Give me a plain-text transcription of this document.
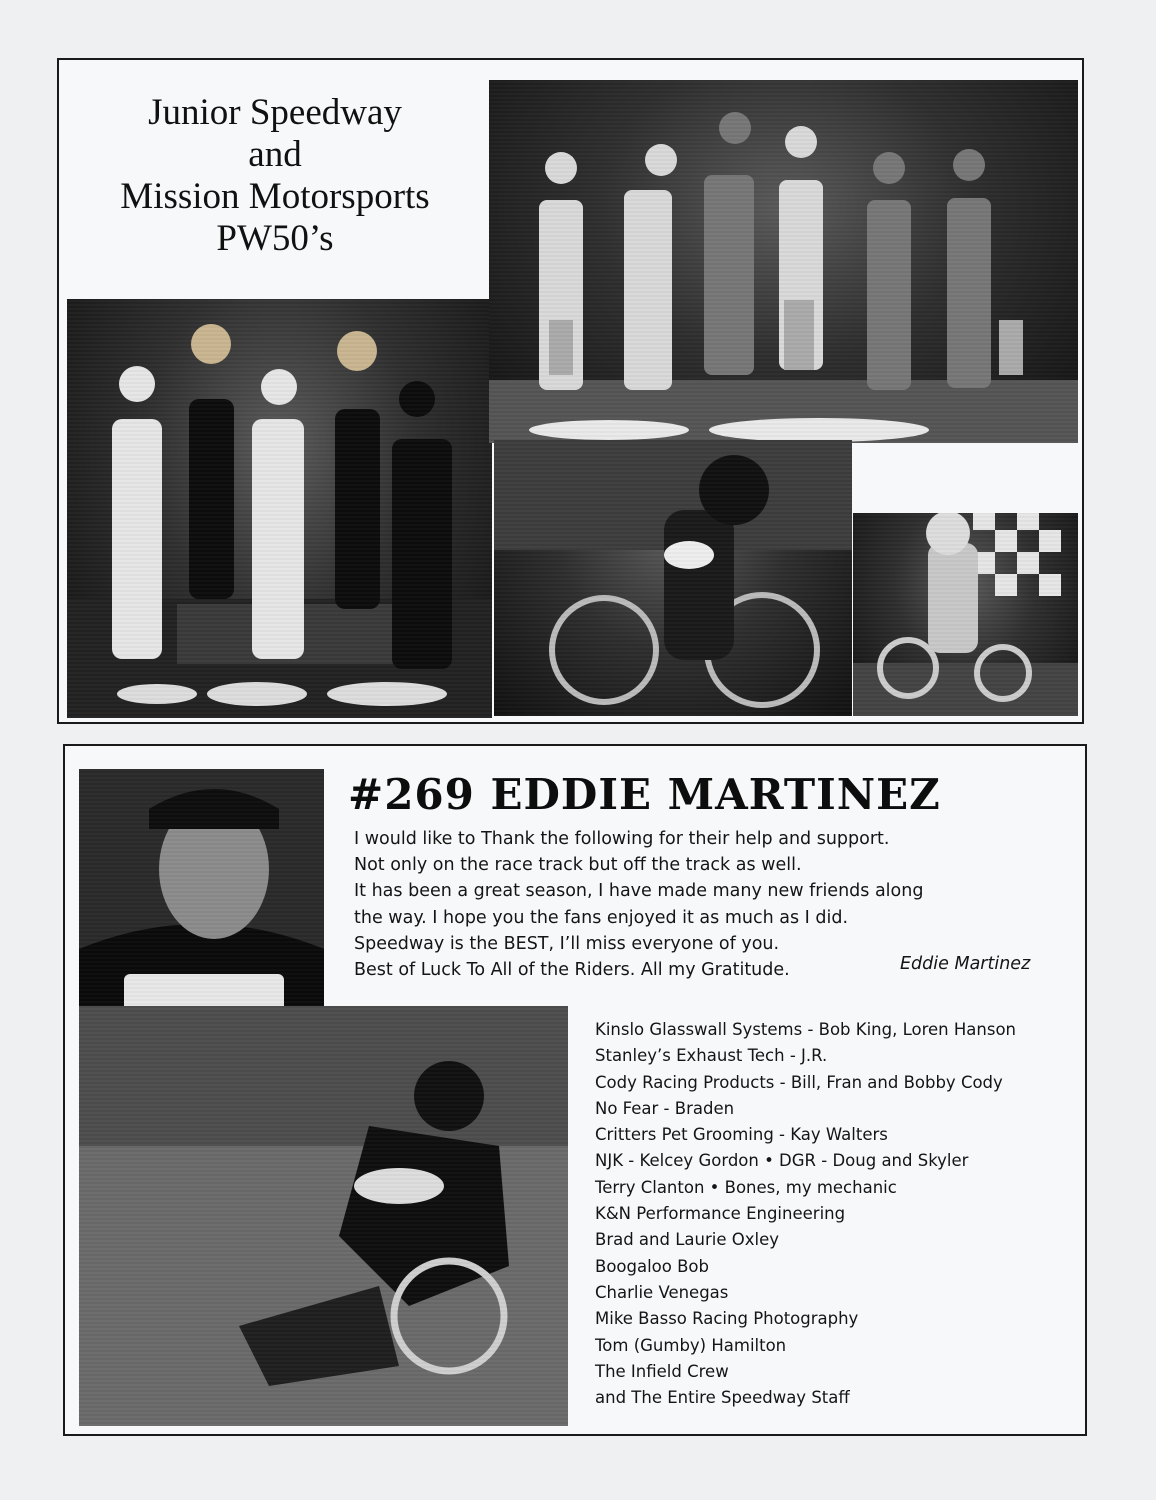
Junior Speedway
and
Mission Motorsports
PW50’s
#269 EDDIE MARTINEZ
I would like to Thank the following for their help and support.
Not only on the race track but off the track as well.
It has been a great season, I have made many new friends along
the way. I hope you the fans enjoyed it as much as I did.
Speedway is the BEST, I’ll miss everyone of you.
Best of Luck To All of the Riders. All my Gratitude.	Eddie Martinez
Kinslo Glasswall Systems - Bob King, Loren Hanson
Stanley’s Exhaust Tech - J.R.
Cody Racing Products - Bill, Fran and Bobby Cody
No Fear - Braden
Critters Pet Grooming - Kay Walters
NJK - Kelcey Gordon • DGR - Doug and Skyler
Terry Clanton • Bones, my mechanic
K&N Performance Engineering
Brad and Laurie Oxley
Boogaloo Bob
Charlie Venegas
Mike Basso Racing Photography
Tom (Gumby) Hamilton
The Infield Crew
and The Entire Speedway Staff
